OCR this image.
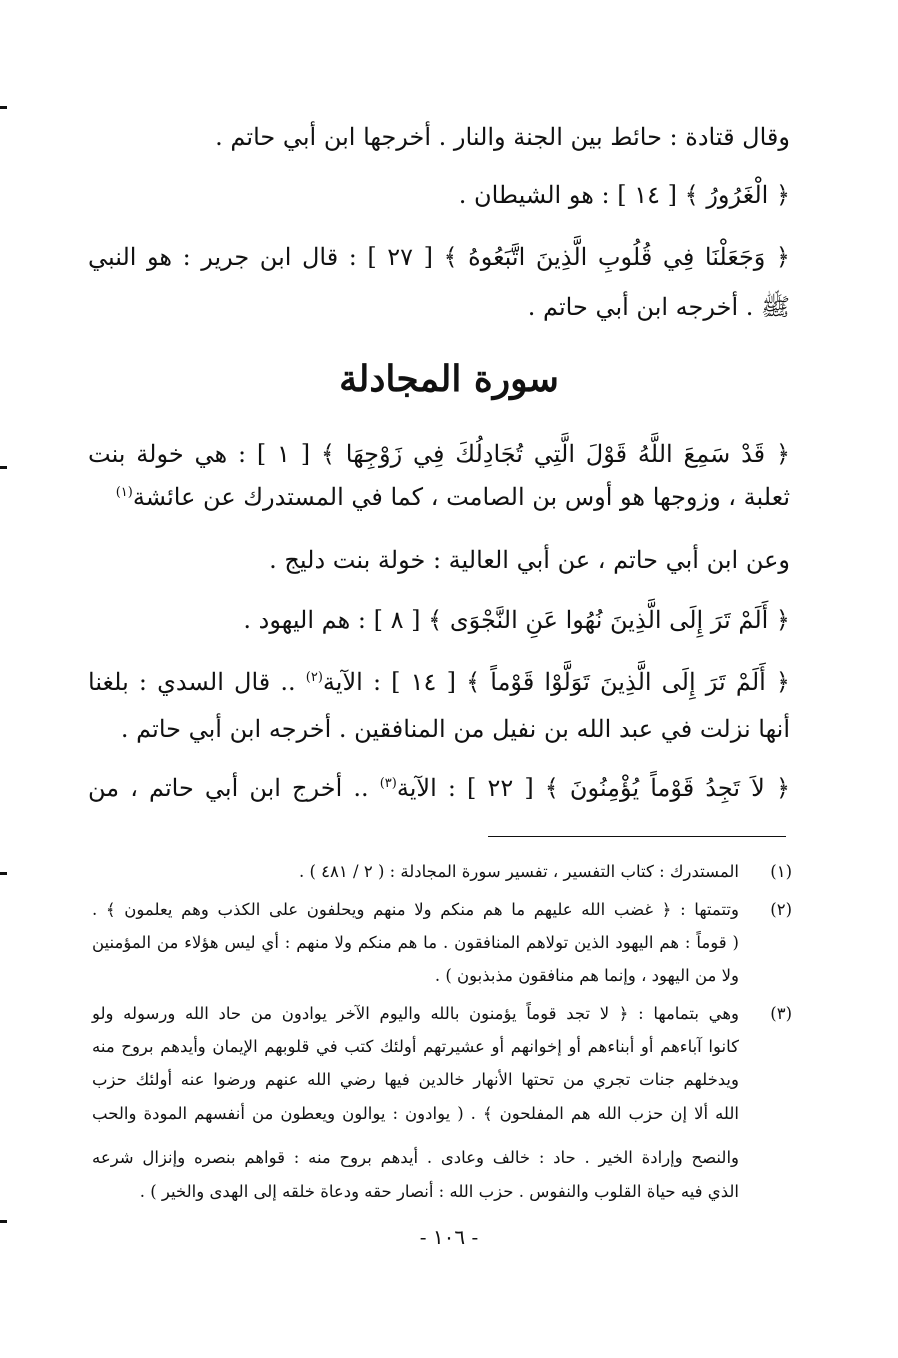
وقال قتادة : حائط بين الجنة والنار . أخرجها ابن أبي حاتم .
﴿ الْغَرُورُ ﴾ [ ١٤ ] : هو الشيطان .
﴿ وَجَعَلْنَا فِي قُلُوبِ الَّذِينَ اتَّبَعُوهُ ﴾ [ ٢٧ ] : قال ابن جرير : هو النبي
ﷺ . أخرجه ابن أبي حاتم .
سورة المجادلة
﴿ قَدْ سَمِعَ اللَّهُ قَوْلَ الَّتِي تُجَادِلُكَ فِي زَوْجِهَا ﴾ [ ١ ] : هي خولة بنت
ثعلبة ، وزوجها هو أوس بن الصامت ، كما في المستدرك عن عائشة$^{(١)}$
وعن ابن أبي حاتم ، عن أبي العالية : خولة بنت دليج .
﴿ أَلَمْ تَرَ إِلَى الَّذِينَ نُهُوا عَنِ النَّجْوَى ﴾ [ ٨ ] : هم اليهود .
﴿ أَلَمْ تَرَ إِلَى الَّذِينَ تَوَلَّوْا قَوْماً ﴾ [ ١٤ ] : الآية$^{(٢)}$ .. قال السدي : بلغنا
أنها نزلت في عبد الله بن نفيل من المنافقين . أخرجه ابن أبي حاتم .
﴿ لاَ تَجِدُ قَوْماً يُؤْمِنُونَ ﴾ [ ٢٢ ] : الآية$^{(٣)}$ .. أخرج ابن أبي حاتم ، من
(١)
المستدرك : كتاب التفسير ، تفسير سورة المجادلة : ( ٢ / ٤٨١ ) .
(٢)
وتتمتها : ﴿ غضب الله عليهم ما هم منكم ولا منهم ويحلفون على الكذب وهم يعلمون ﴾ .
( قوماً : هم اليهود الذين تولاهم المنافقون . ما هم منكم ولا منهم : أي ليس هؤلاء من المؤمنين
ولا من اليهود ، وإنما هم منافقون مذبذبون ) .
(٣)
وهي بتمامها : ﴿ لا تجد قوماً يؤمنون بالله واليوم الآخر يوادون من حاد الله ورسوله ولو
كانوا آباءهم أو أبناءهم أو إخوانهم أو عشيرتهم أولئك كتب في قلوبهم الإيمان وأيدهم بروح منه
ويدخلهم جنات تجري من تحتها الأنهار خالدين فيها رضي الله عنهم ورضوا عنه أولئك حزب
الله ألا إن حزب الله هم المفلحون ﴾ . ( يوادون : يوالون ويعطون من أنفسهم المودة والحب
والنصح وإرادة الخير . حاد : خالف وعادى . أيدهم بروح منه : قواهم بنصره وإنزال شرعه
الذي فيه حياة القلوب والنفوس . حزب الله : أنصار حقه ودعاة خلقه إلى الهدى والخير ) .
- ١٠٦ -
